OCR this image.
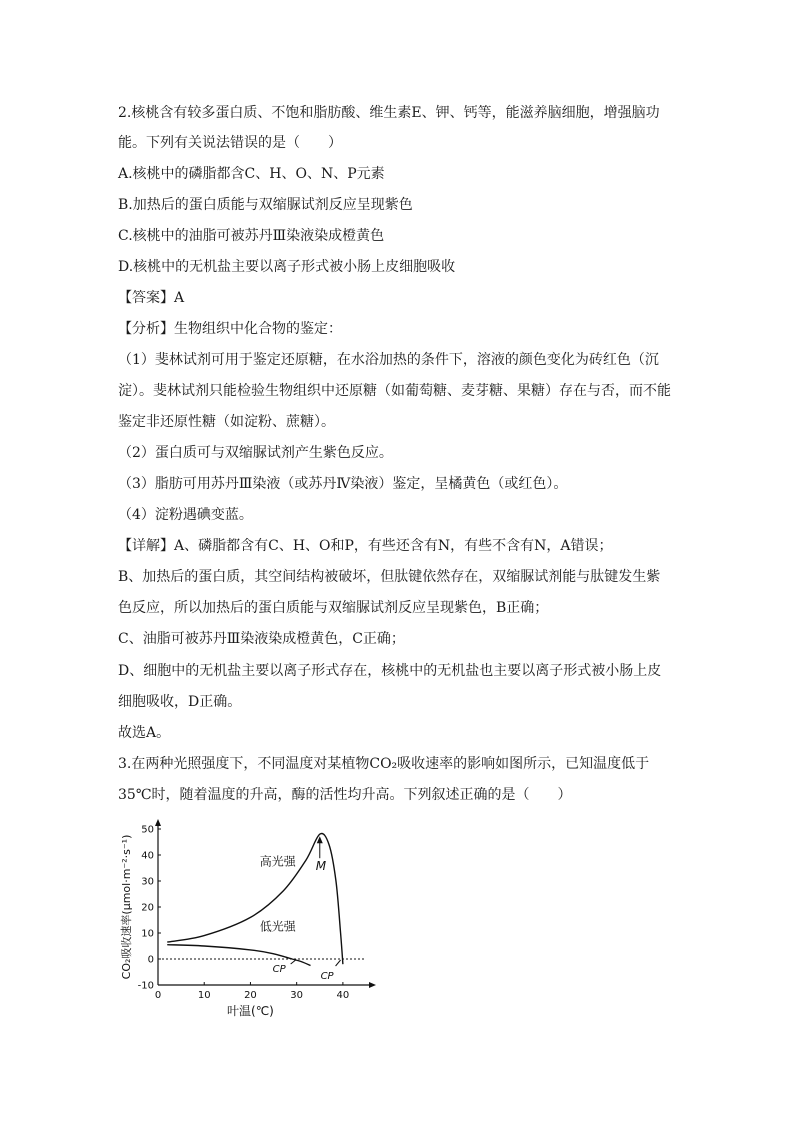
2.核桃含有较多蛋白质、不饱和脂肪酸、维生素E、钾、钙等，能滋养脑细胞，增强脑功
能。下列有关说法错误的是（　　）
A.核桃中的磷脂都含C、H、O、N、P元素
B.加热后的蛋白质能与双缩脲试剂反应呈现紫色
C.核桃中的油脂可被苏丹Ⅲ染液染成橙黄色
D.核桃中的无机盐主要以离子形式被小肠上皮细胞吸收
【答案】A
【分析】生物组织中化合物的鉴定：
（1）斐林试剂可用于鉴定还原糖，在水浴加热的条件下，溶液的颜色变化为砖红色（沉
淀）。斐林试剂只能检验生物组织中还原糖（如葡萄糖、麦芽糖、果糖）存在与否，而不能
鉴定非还原性糖（如淀粉、蔗糖）。
（2）蛋白质可与双缩脲试剂产生紫色反应。
（3）脂肪可用苏丹Ⅲ染液（或苏丹Ⅳ染液）鉴定，呈橘黄色（或红色）。
（4）淀粉遇碘变蓝。
【详解】A、磷脂都含有C、H、O和P，有些还含有N，有些不含有N，A错误；
B、加热后的蛋白质，其空间结构被破坏，但肽键依然存在，双缩脲试剂能与肽键发生紫
色反应，所以加热后的蛋白质能与双缩脲试剂反应呈现紫色，B正确；
C、油脂可被苏丹Ⅲ染液染成橙黄色，C正确；
D、细胞中的无机盐主要以离子形式存在，核桃中的无机盐也主要以离子形式被小肠上皮
细胞吸收，D正确。
故选A。
3.在两种光照强度下，不同温度对某植物CO₂吸收速率的影响如图所示，已知温度低于
35℃时，随着温度的升高，酶的活性均升高。下列叙述正确的是（　　）
0	10	20	30	40
50
40
30
20
10
0
-10
高光强
低光强
M
CP
CP
叶温(℃)
CO₂吸收速率(μmol·m⁻²·s⁻¹)
